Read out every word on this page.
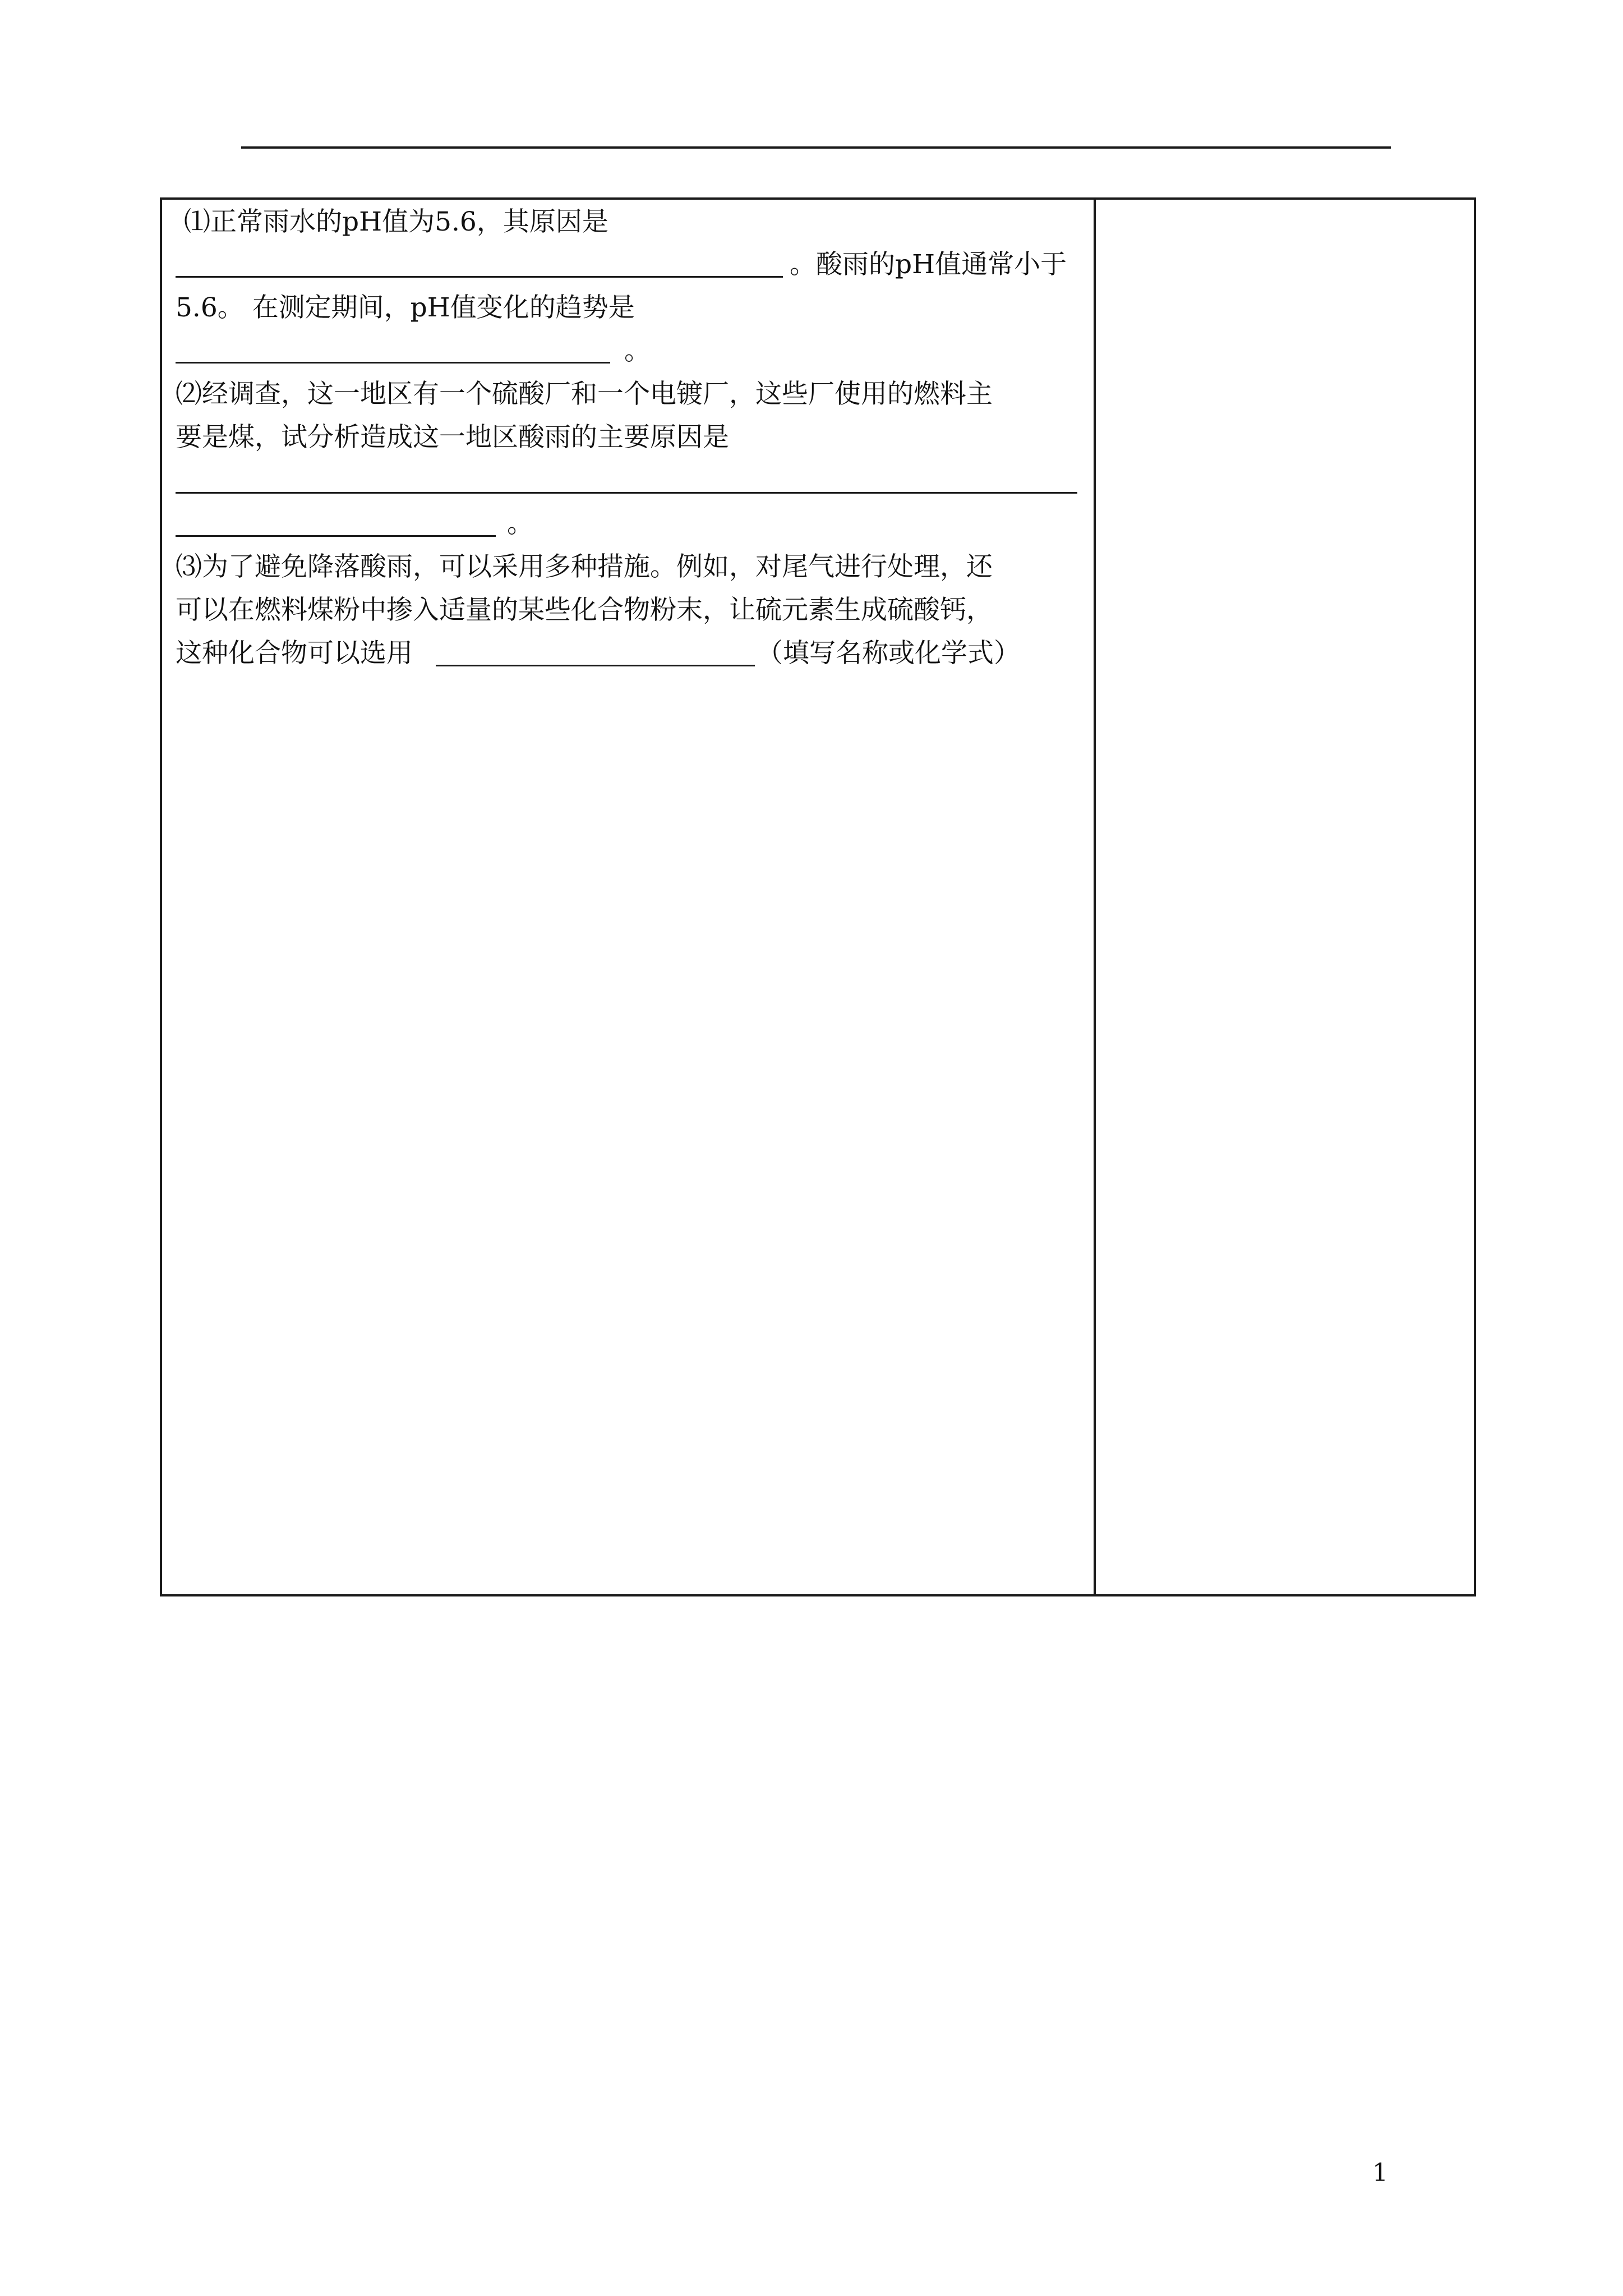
⑴正常雨水的pH值为5.6，其原因是
。酸雨的pH值通常小于
5.6。 在测定期间，pH值变化的趋势是
。
⑵经调查，这一地区有一个硫酸厂和一个电镀厂，这些厂使用的燃料主
要是煤，试分析造成这一地区酸雨的主要原因是
。
⑶为了避免降落酸雨，可以采用多种措施。例如，对尾气进行处理，还
可以在燃料煤粉中掺入适量的某些化合物粉末，让硫元素生成硫酸钙，
这种化合物可以选用	（填写名称或化学式）
1
